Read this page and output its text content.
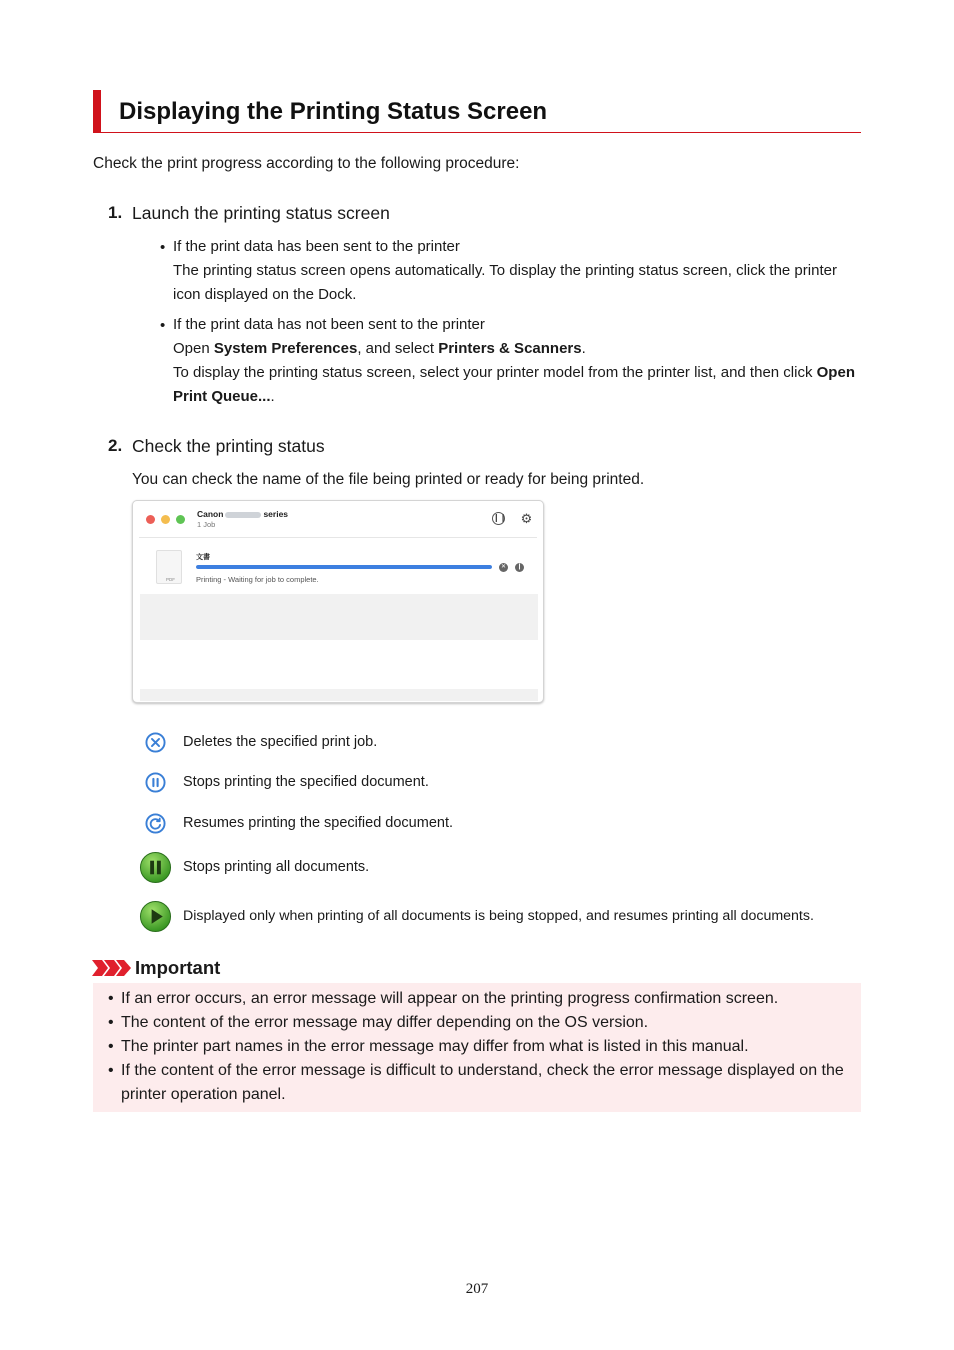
Displaying the Printing Status Screen
Check the print progress according to the following procedure:
1. Launch the printing status screen
• If the print data has been sent to the printer
The printing status screen opens automatically. To display the printing status screen, click the printer icon displayed on the Dock.
• If the print data has not been sent to the printer
Open System Preferences, and select Printers & Scanners.
To display the printing status screen, select your printer model from the printer list, and then click Open Print Queue....
2. Check the printing status
You can check the name of the file being printed or ready for being printed.
Canon	series
1 Job
❙❙ ⚙
PDF
文書
Printing - Waiting for job to complete.
✕	❙
Deletes the specified print job.
Stops printing the specified document.
Resumes printing the specified document.
Stops printing all documents.
Displayed only when printing of all documents is being stopped, and resumes printing all documents.
Important
• If an error occurs, an error message will appear on the printing progress confirmation screen.
• The content of the error message may differ depending on the OS version.
• The printer part names in the error message may differ from what is listed in this manual.
• If the content of the error message is difficult to understand, check the error message displayed on the printer operation panel.
207
